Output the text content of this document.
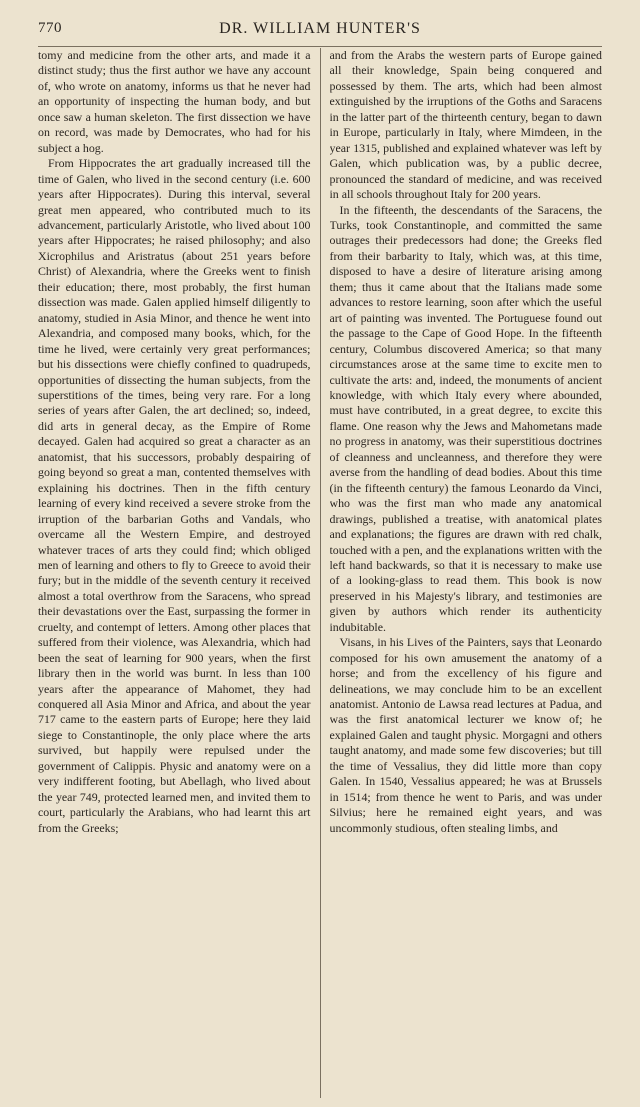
770	DR. WILLIAM HUNTER'S

tomy and medicine from the other arts, and made it a distinct study; thus the first author we have any account of, who wrote on anatomy, informs us that he never had an opportunity of inspecting the human body, and but once saw a human skeleton. The first dissection we have on record, was made by Democrates, who had for his subject a hog.

From Hippocrates the art gradually increased till the time of Galen, who lived in the second century (i.e. 600 years after Hippocrates). During this interval, several great men appeared, who contributed much to its advancement, particularly Aristotle, who lived about 100 years after Hippocrates; he raised philosophy; and also Xicrophilus and Aristratus (about 251 years before Christ) of Alexandria, where the Greeks went to finish their education; there, most probably, the first human dissection was made. Galen applied himself diligently to anatomy, studied in Asia Minor, and thence he went into Alexandria, and composed many books, which, for the time he lived, were certainly very great performances; but his dissections were chiefly confined to quadrupeds, opportunities of dissecting the human subjects, from the superstitions of the times, being very rare. For a long series of years after Galen, the art declined; so, indeed, did arts in general decay, as the Empire of Rome decayed. Galen had acquired so great a character as an anatomist, that his successors, probably despairing of going beyond so great a man, contented themselves with explaining his doctrines. Then in the fifth century learning of every kind received a severe stroke from the irruption of the barbarian Goths and Vandals, who overcame all the Western Empire, and destroyed whatever traces of arts they could find; which obliged men of learning and others to fly to Greece to avoid their fury; but in the middle of the seventh century it received almost a total overthrow from the Saracens, who spread their devastations over the East, surpassing the former in cruelty, and contempt of letters. Among other places that suffered from their violence, was Alexandria, which had been the seat of learning for 900 years, when the first library then in the world was burnt. In less than 100 years after the appearance of Mahomet, they had conquered all Asia Minor and Africa, and about the year 717 came to the eastern parts of Europe; here they laid siege to Constantinople, the only place where the arts survived, but happily were repulsed under the government of Calippis. Physic and anatomy were on a very indifferent footing, but Abellagh, who lived about the year 749, protected learned men, and invited them to court, particularly the Arabians, who had learnt this art from the Greeks;

and from the Arabs the western parts of Europe gained all their knowledge, Spain being conquered and possessed by them. The arts, which had been almost extinguished by the irruptions of the Goths and Saracens in the latter part of the thirteenth century, began to dawn in Europe, particularly in Italy, where Mimdeen, in the year 1315, published and explained whatever was left by Galen, which publication was, by a public decree, pronounced the standard of medicine, and was received in all schools throughout Italy for 200 years.

In the fifteenth, the descendants of the Saracens, the Turks, took Constantinople, and committed the same outrages their predecessors had done; the Greeks fled from their barbarity to Italy, which was, at this time, disposed to have a desire of literature arising among them; thus it came about that the Italians made some advances to restore learning, soon after which the useful art of painting was invented. The Portuguese found out the passage to the Cape of Good Hope. In the fifteenth century, Columbus discovered America; so that many circumstances arose at the same time to excite men to cultivate the arts: and, indeed, the monuments of ancient knowledge, with which Italy every where abounded, must have contributed, in a great degree, to excite this flame. One reason why the Jews and Mahometans made no progress in anatomy, was their superstitious doctrines of cleanness and uncleanness, and therefore they were averse from the handling of dead bodies. About this time (in the fifteenth century) the famous Leonardo da Vinci, who was the first man who made any anatomical drawings, published a treatise, with anatomical plates and explanations; the figures are drawn with red chalk, touched with a pen, and the explanations written with the left hand backwards, so that it is necessary to make use of a looking-glass to read them. This book is now preserved in his Majesty's library, and testimonies are given by authors which render its authenticity indubitable.

Visans, in his Lives of the Painters, says that Leonardo composed for his own amusement the anatomy of a horse; and from the excellency of his figure and delineations, we may conclude him to be an excellent anatomist. Antonio de Lawsa read lectures at Padua, and was the first anatomical lecturer we know of; he explained Galen and taught physic. Morgagni and others taught anatomy, and made some few discoveries; but till the time of Vessalius, they did little more than copy Galen. In 1540, Vessalius appeared; he was at Brussels in 1514; from thence he went to Paris, and was under Silvius; here he remained eight years, and was uncommonly studious, often stealing limbs, and
